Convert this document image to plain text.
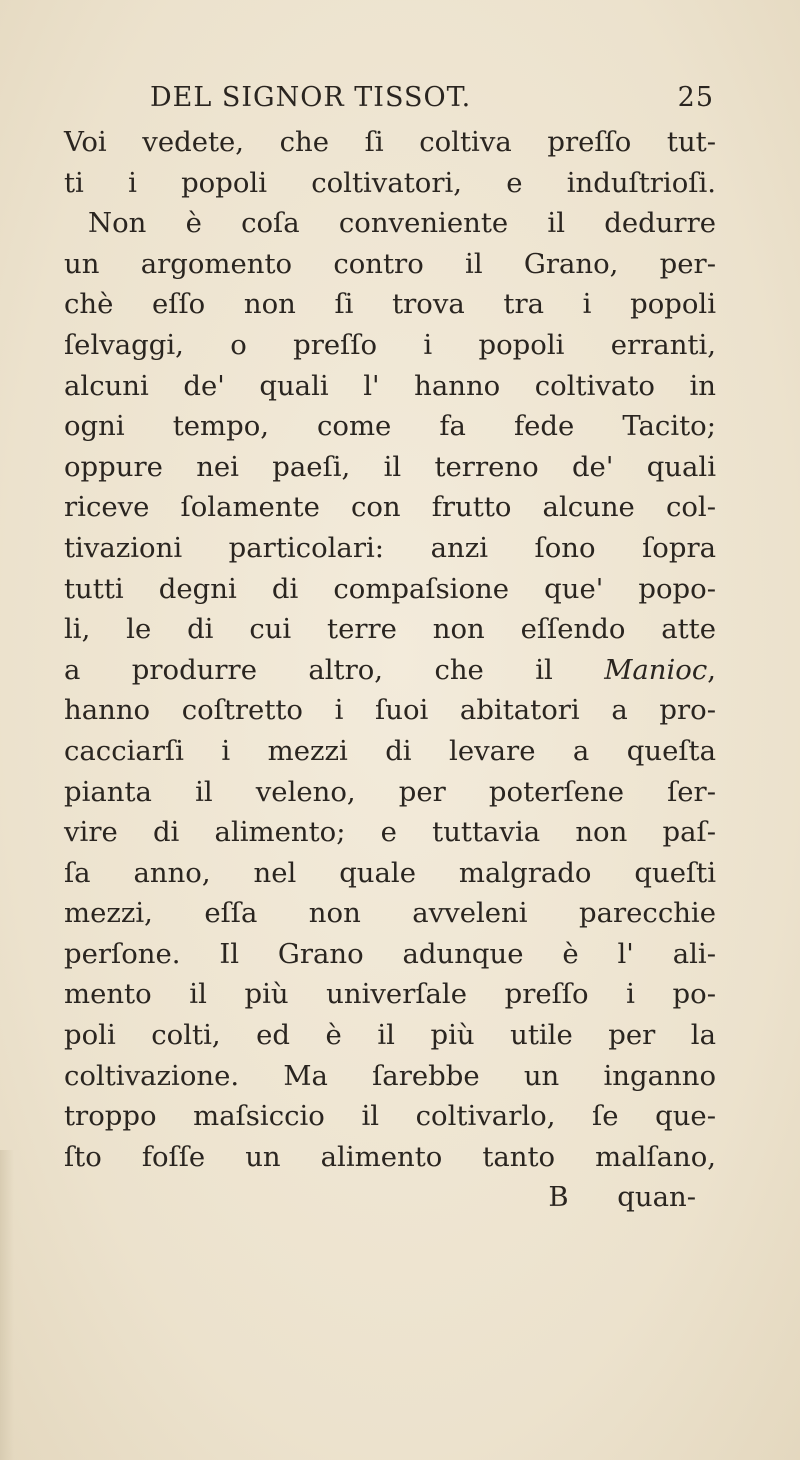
DEL SIGNOR TISSOT.	25
Voi vedete, che ſi coltiva preſſo tut-
ti i popoli coltivatori, e induſtrioſi.
Non è coſa conveniente il dedurre
un argomento contro il Grano, per-
chè eſſo non ſi trova tra i popoli
ſelvaggi, o preſſo i popoli erranti,
alcuni de' quali l' hanno coltivato in
ogni tempo, come fa fede Tacito;
oppure nei paeſi, il terreno de' quali
riceve ſolamente con frutto alcune col-
tivazioni particolari: anzi ſono ſopra
tutti degni di compaſsione que' popo-
li, le di cui terre non eſſendo atte
a produrre altro, che il Manioc,
hanno coſtretto i ſuoi abitatori a pro-
cacciarſi i mezzi di levare a queſta
pianta il veleno, per poterſene ſer-
vire di alimento; e tuttavia non paſ-
ſa anno, nel quale malgrado queſti
mezzi, eſſa non avveleni parecchie
perſone. Il Grano adunque è l' ali-
mento il più univerſale preſſo i po-
poli colti, ed è il più utile per la
coltivazione. Ma ſarebbe un inganno
troppo maſsiccio il coltivarlo, ſe que-
ſto foſſe un alimento tanto malſano,
B quan-
